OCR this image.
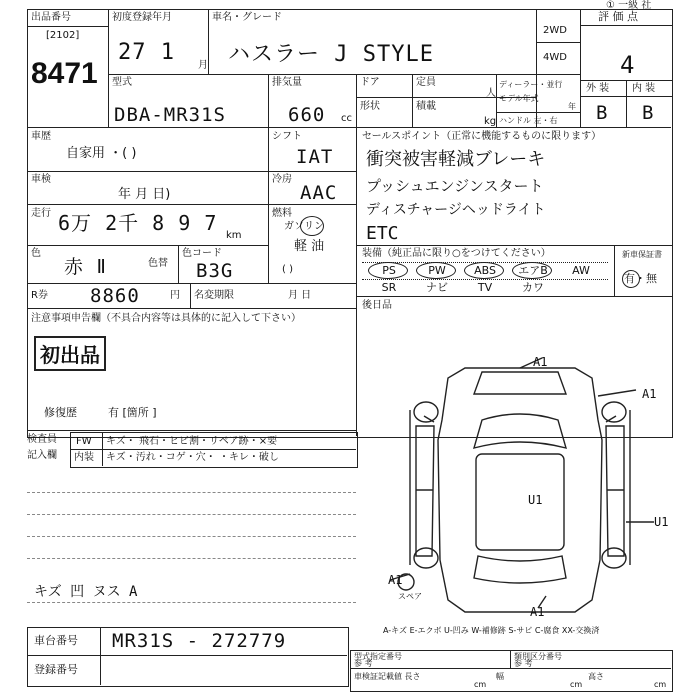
① 一級 社
出品番号
[2102]
8471
初度登録年月
27 1
月
車名・グレード
ハスラー J STYLE
2WD
4WD
評 価 点
4
外 装 内 装
B B
型式
DBA-MR31S
排気量
660 cc
ドア	定員
人
形状	積載
kg
ディーラー・並行
モデル年式
年
ハンドル 左・右
車歴
自家用 ・( )
シフト
IAT
車検
年 月 日)
冷房
AAC
走行 6万 2千 8 9 7
km
燃料
ガソリン
軽 油
( )
色
赤 Ⅱ	色替
色コード
B3G
R券 8860	円 名変期限	月 日
注意事項申告欄（不具合内容等は具体的に記入して下さい）
初出品
修復歴	有 [箇所 ]
セールスポイント（正常に機能するものに限ります）
衝突被害軽減ブレーキ
プッシュエンジンスタート
ディスチャージヘッドライト
ETC
装備（純正品に限り○をつけてください）	新車保証書
PS	PW	ABS	エアB	AW
SR	ナビ	TV	カワ
有・無
後日品
検査員
記入欄
FW キズ・ 飛石・ヒビ割・リペア跡・×要
内装 キズ・汚れ・コゲ・穴・ ・キレ・破し
キズ 凹 ヌス A
A1
A1
U1
U1
A1
A1
スペア
A-キズ E-エクボ U-凹み W-補修跡 S-サビ C-腐食 XX-交換済
車台番号 MR31S - 272779
登録番号
型式指定番号
参 考
類別区分番号
参 考
車検証記載値 長さ
cm
幅
cm
高さ
cm
